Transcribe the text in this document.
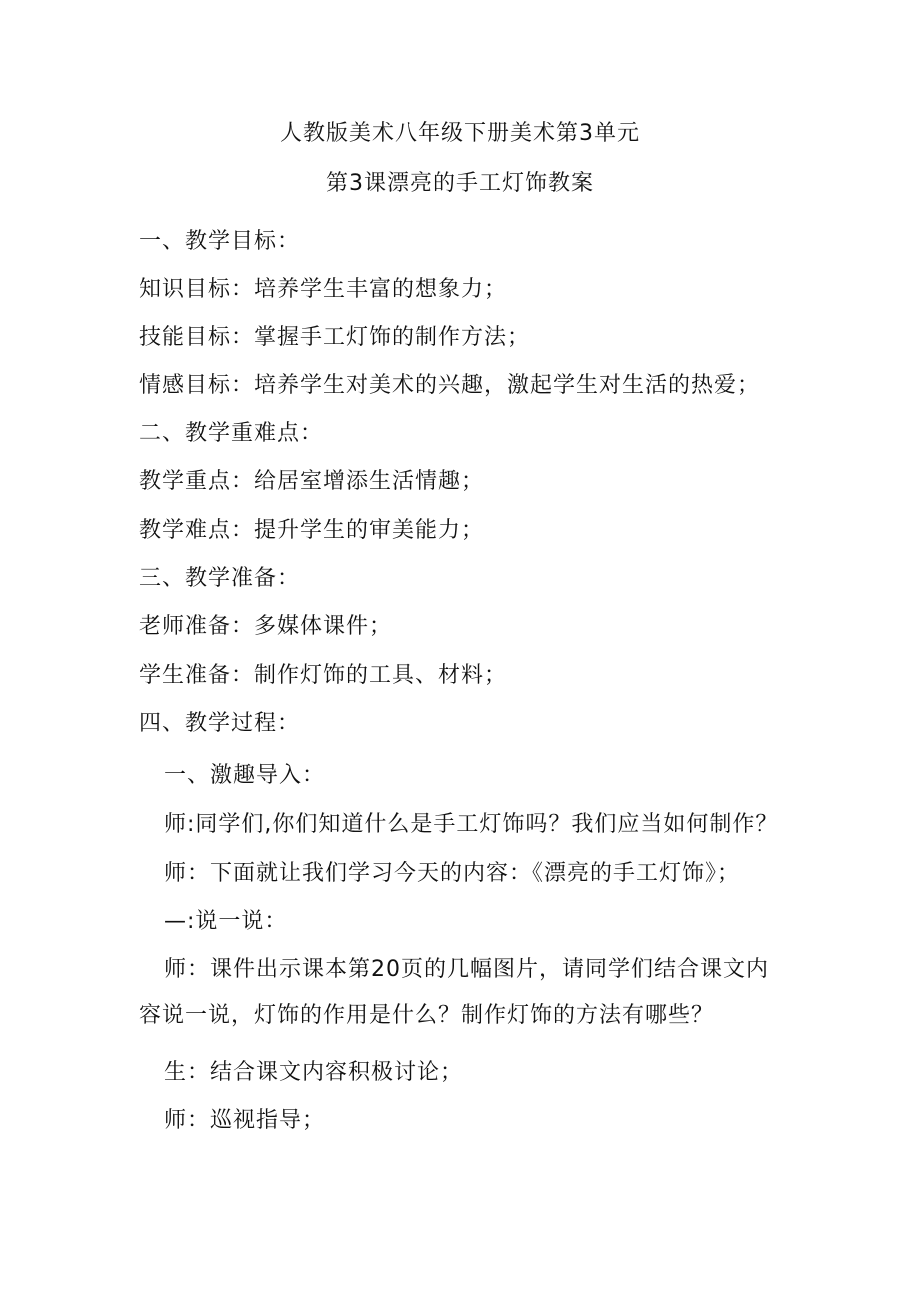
人教版美术八年级下册美术第3单元
第3课漂亮的手工灯饰教案
一、教学目标：
知识目标：培养学生丰富的想象力；
技能目标：掌握手工灯饰的制作方法；
情感目标：培养学生对美术的兴趣，激起学生对生活的热爱；
二、教学重难点：
教学重点：给居室增添生活情趣；
教学难点：提升学生的审美能力；
三、教学准备：
老师准备：多媒体课件；
学生准备：制作灯饰的工具、材料；
四、教学过程：
一、激趣导入：
师:同学们,你们知道什么是手工灯饰吗？我们应当如何制作？
师：下面就让我们学习今天的内容：《漂亮的手工灯饰》；
—:说一说：
师：课件出示课本第20页的几幅图片，请同学们结合课文内
容说一说，灯饰的作用是什么？制作灯饰的方法有哪些？
生：结合课文内容积极讨论；
师：巡视指导；
